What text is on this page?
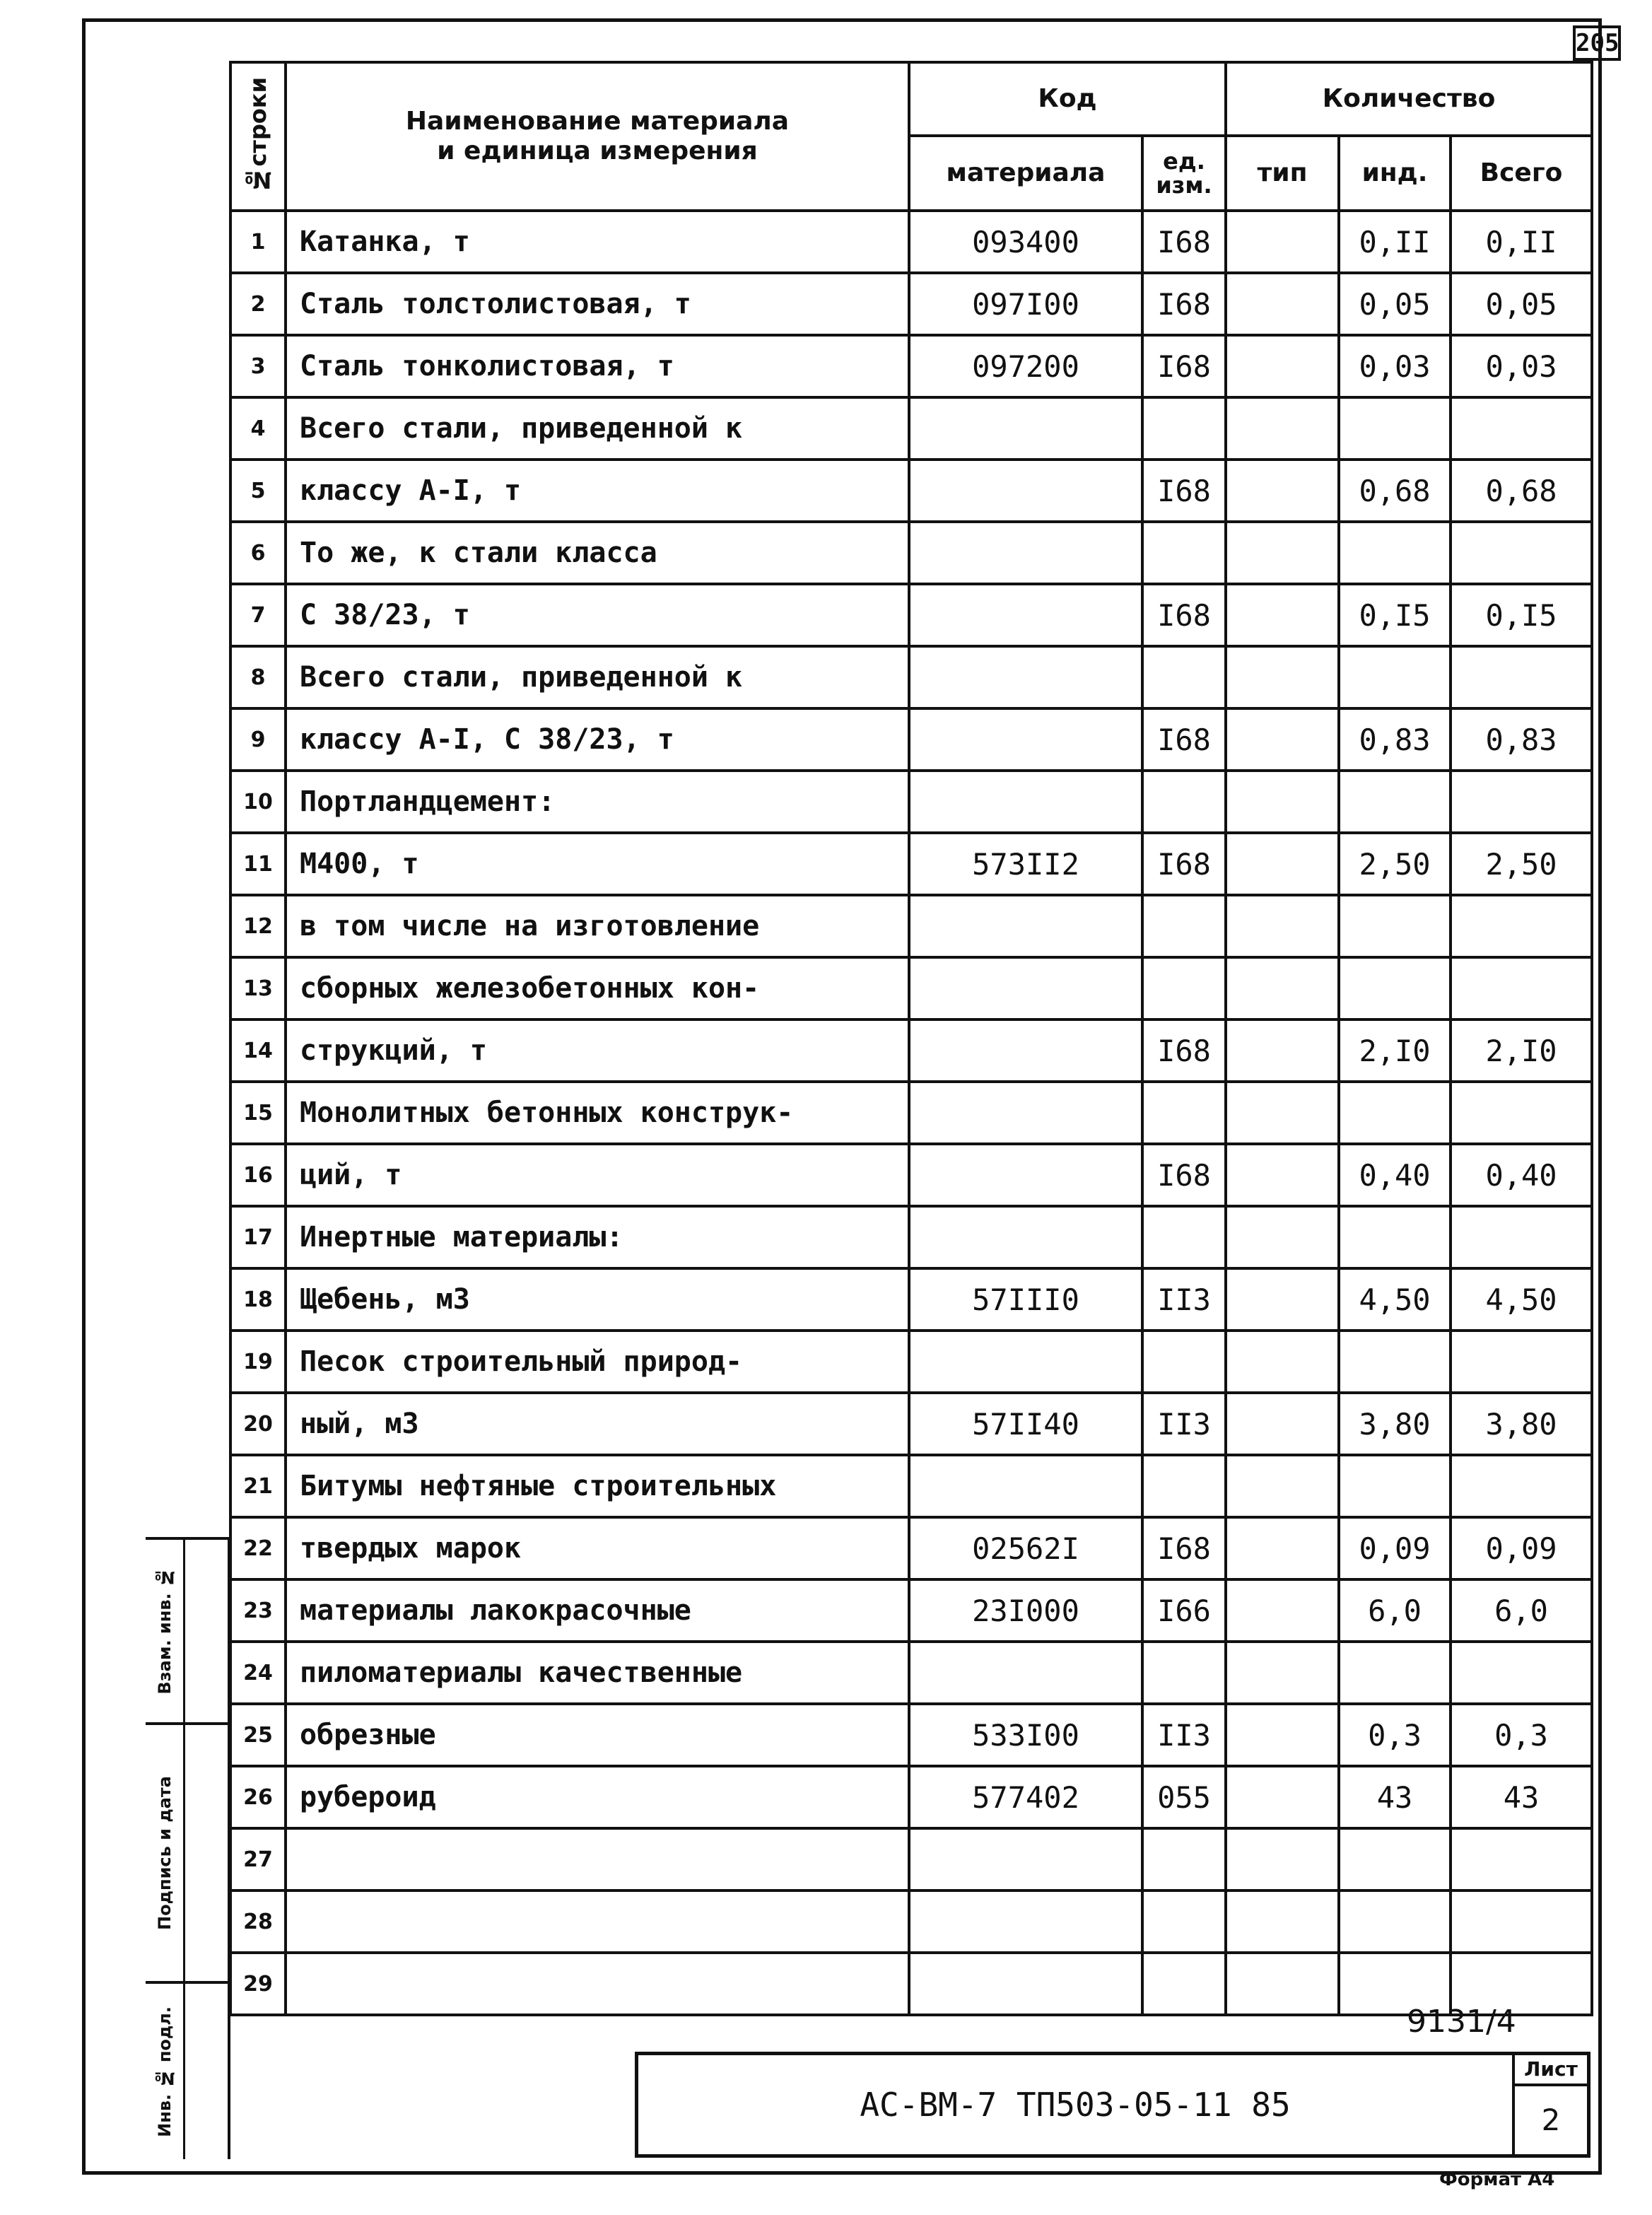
205
№строки	Наименование материала
и единица измерения	Код		Количество		
		материала	ед. изм.	тип	инд.	Всего
1	Катанка, т	093400	I68		0,II	0,II
2	Сталь толстолистовая, т	097I00	I68		0,05	0,05
3	Сталь тонколистовая, т	097200	I68		0,03	0,03
4	Всего стали, приведенной к					
5	классу А-I, т		I68		0,68	0,68
6	То же, к стали класса					
7	С 38/23, т		I68		0,I5	0,I5
8	Всего стали, приведенной к					
9	классу А-I, С 38/23, т		I68		0,83	0,83
10	Портландцемент:					
11	М400, т	573II2	I68		2,50	2,50
12	в том числе на изготовление					
13	сборных железобетонных кон-					
14	струкций, т		I68		2,I0	2,I0
15	Монолитных бетонных конструк-					
16	ций, т		I68		0,40	0,40
17	Инертные материалы:					
18	Щебень, м3	57III0	II3		4,50	4,50
19	Песок строительный природ-					
20	ный, м3	57II40	II3		3,80	3,80
21	Битумы нефтяные строительных					
22	твердых марок	02562I	I68		0,09	0,09
23	материалы лакокрасочные	23I000	I66		6,0	6,0
24	пиломатериалы качественные					
25	обрезные	533I00	II3		0,3	0,3
26	рубероид	577402	055		43	43
27						
28						
29						
Взам. инв. №
Подпись и дата
Инв. № подл.	9131/4
АС-ВМ-7 ТП503-05-11 85
Лист
2
Формат А4
